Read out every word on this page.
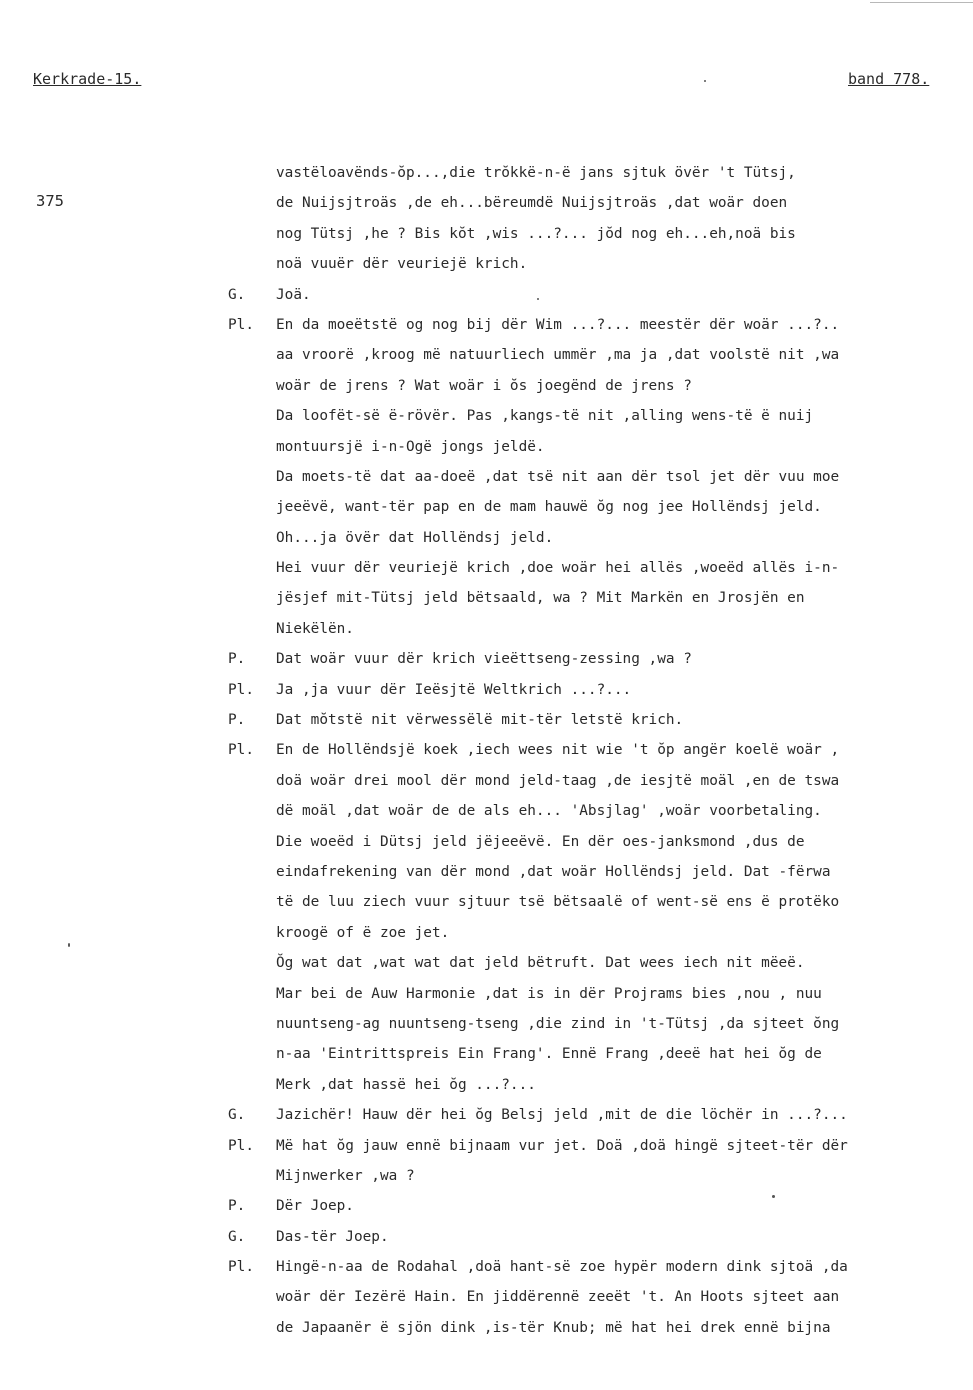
Kerkrade-15.	band 778.
375
vastëloavënds-ŏp...,die trŏkkë-n-ë jans sjtuk övër 't Tütsj,
de Nuijsjtroäs ,de eh...bëreumdë Nuijsjtroäs ,dat woär doen
nog Tütsj ,he ? Bis kŏt ,wis ...?... jŏd nog eh...eh,noä bis
noä vuuër dër veuriejë krich.
G.	Joä.
Pl.	En da moeëtstë og nog bij dër Wim ...?... meestër dër woär ...?..
aa vroorë ,kroog më natuurliech ummër ,ma ja ,dat voolstë nit ,wa
woär de jrens ? Wat woär i ŏs joegënd de jrens ?
Da loofët-së ë-rövër. Pas ,kangs-të nit ,alling wens-të ë nuij
montuursjë i-n-Ogë jongs jeldë.
Da moets-të dat aa-doeë ,dat tsë nit aan dër tsol jet dër vuu moe
jeeëvë, want-tër pap en de mam hauwë ŏg nog jee Hollëndsj jeld.
Oh...ja övër dat Hollëndsj jeld.
Hei vuur dër veuriejë krich ,doe woär hei allës ,woeëd allës i-n-
jësjef mit-Tütsj jeld bëtsaald, wa ? Mit Markën en Jrosjën en
Niekëlën.
P.	Dat woär vuur dër krich vieëttseng-zessing ,wa ?
Pl.	Ja ,ja vuur dër Ieësjtë Weltkrich ...?...
P.	Dat mŏtstë nit vërwessëlë mit-tër letstë krich.
Pl.	En de Hollëndsjë koek ,iech wees nit wie 't ŏp angër koelë woär ,
doä woär drei mool dër mond jeld-taag ,de iesjtë moäl ,en de tswa
dë moäl ,dat woär de de als eh... 'Absjlag' ,woär voorbetaling.
Die woeëd i Dütsj jeld jëjeeëvë. En dër oes-janksmond ,dus de
eindafrekening van dër mond ,dat woär Hollëndsj jeld. Dat -fërwa
të de luu ziech vuur sjtuur tsë bëtsaalë of went-së ens ë protëko
kroogë of ë zoe jet.
Ŏg wat dat ,wat wat dat jeld bëtruft. Dat wees iech nit mëeë.
Mar bei de Auw Harmonie ,dat is in dër Projrams bies ,nou , nuu
nuuntseng-ag nuuntseng-tseng ,die zind in 't-Tütsj ,da sjteet ŏng
n-aa 'Eintrittspreis Ein Frang'. Ennë Frang ,deeë hat hei ŏg de
Merk ,dat hassë hei ŏg ...?...
G.	Jazichër! Hauw dër hei ŏg Belsj jeld ,mit de die löchër in ...?...
Pl.	Më hat ŏg jauw ennë bijnaam vur jet. Doä ,doä hingë sjteet-tër dër
Mijnwerker ,wa ?
P.	Dër Joep.
G.	Das-tër Joep.
Pl.	Hingë-n-aa de Rodahal ,doä hant-së zoe hypër modern dink sjtoä ,da
woär dër Iezërë Hain. En jiddërennë zeeët 't. An Hoots sjteet aan
de Japaanër ë sjön dink ,is-tër Knub; më hat hei drek ennë bijna
